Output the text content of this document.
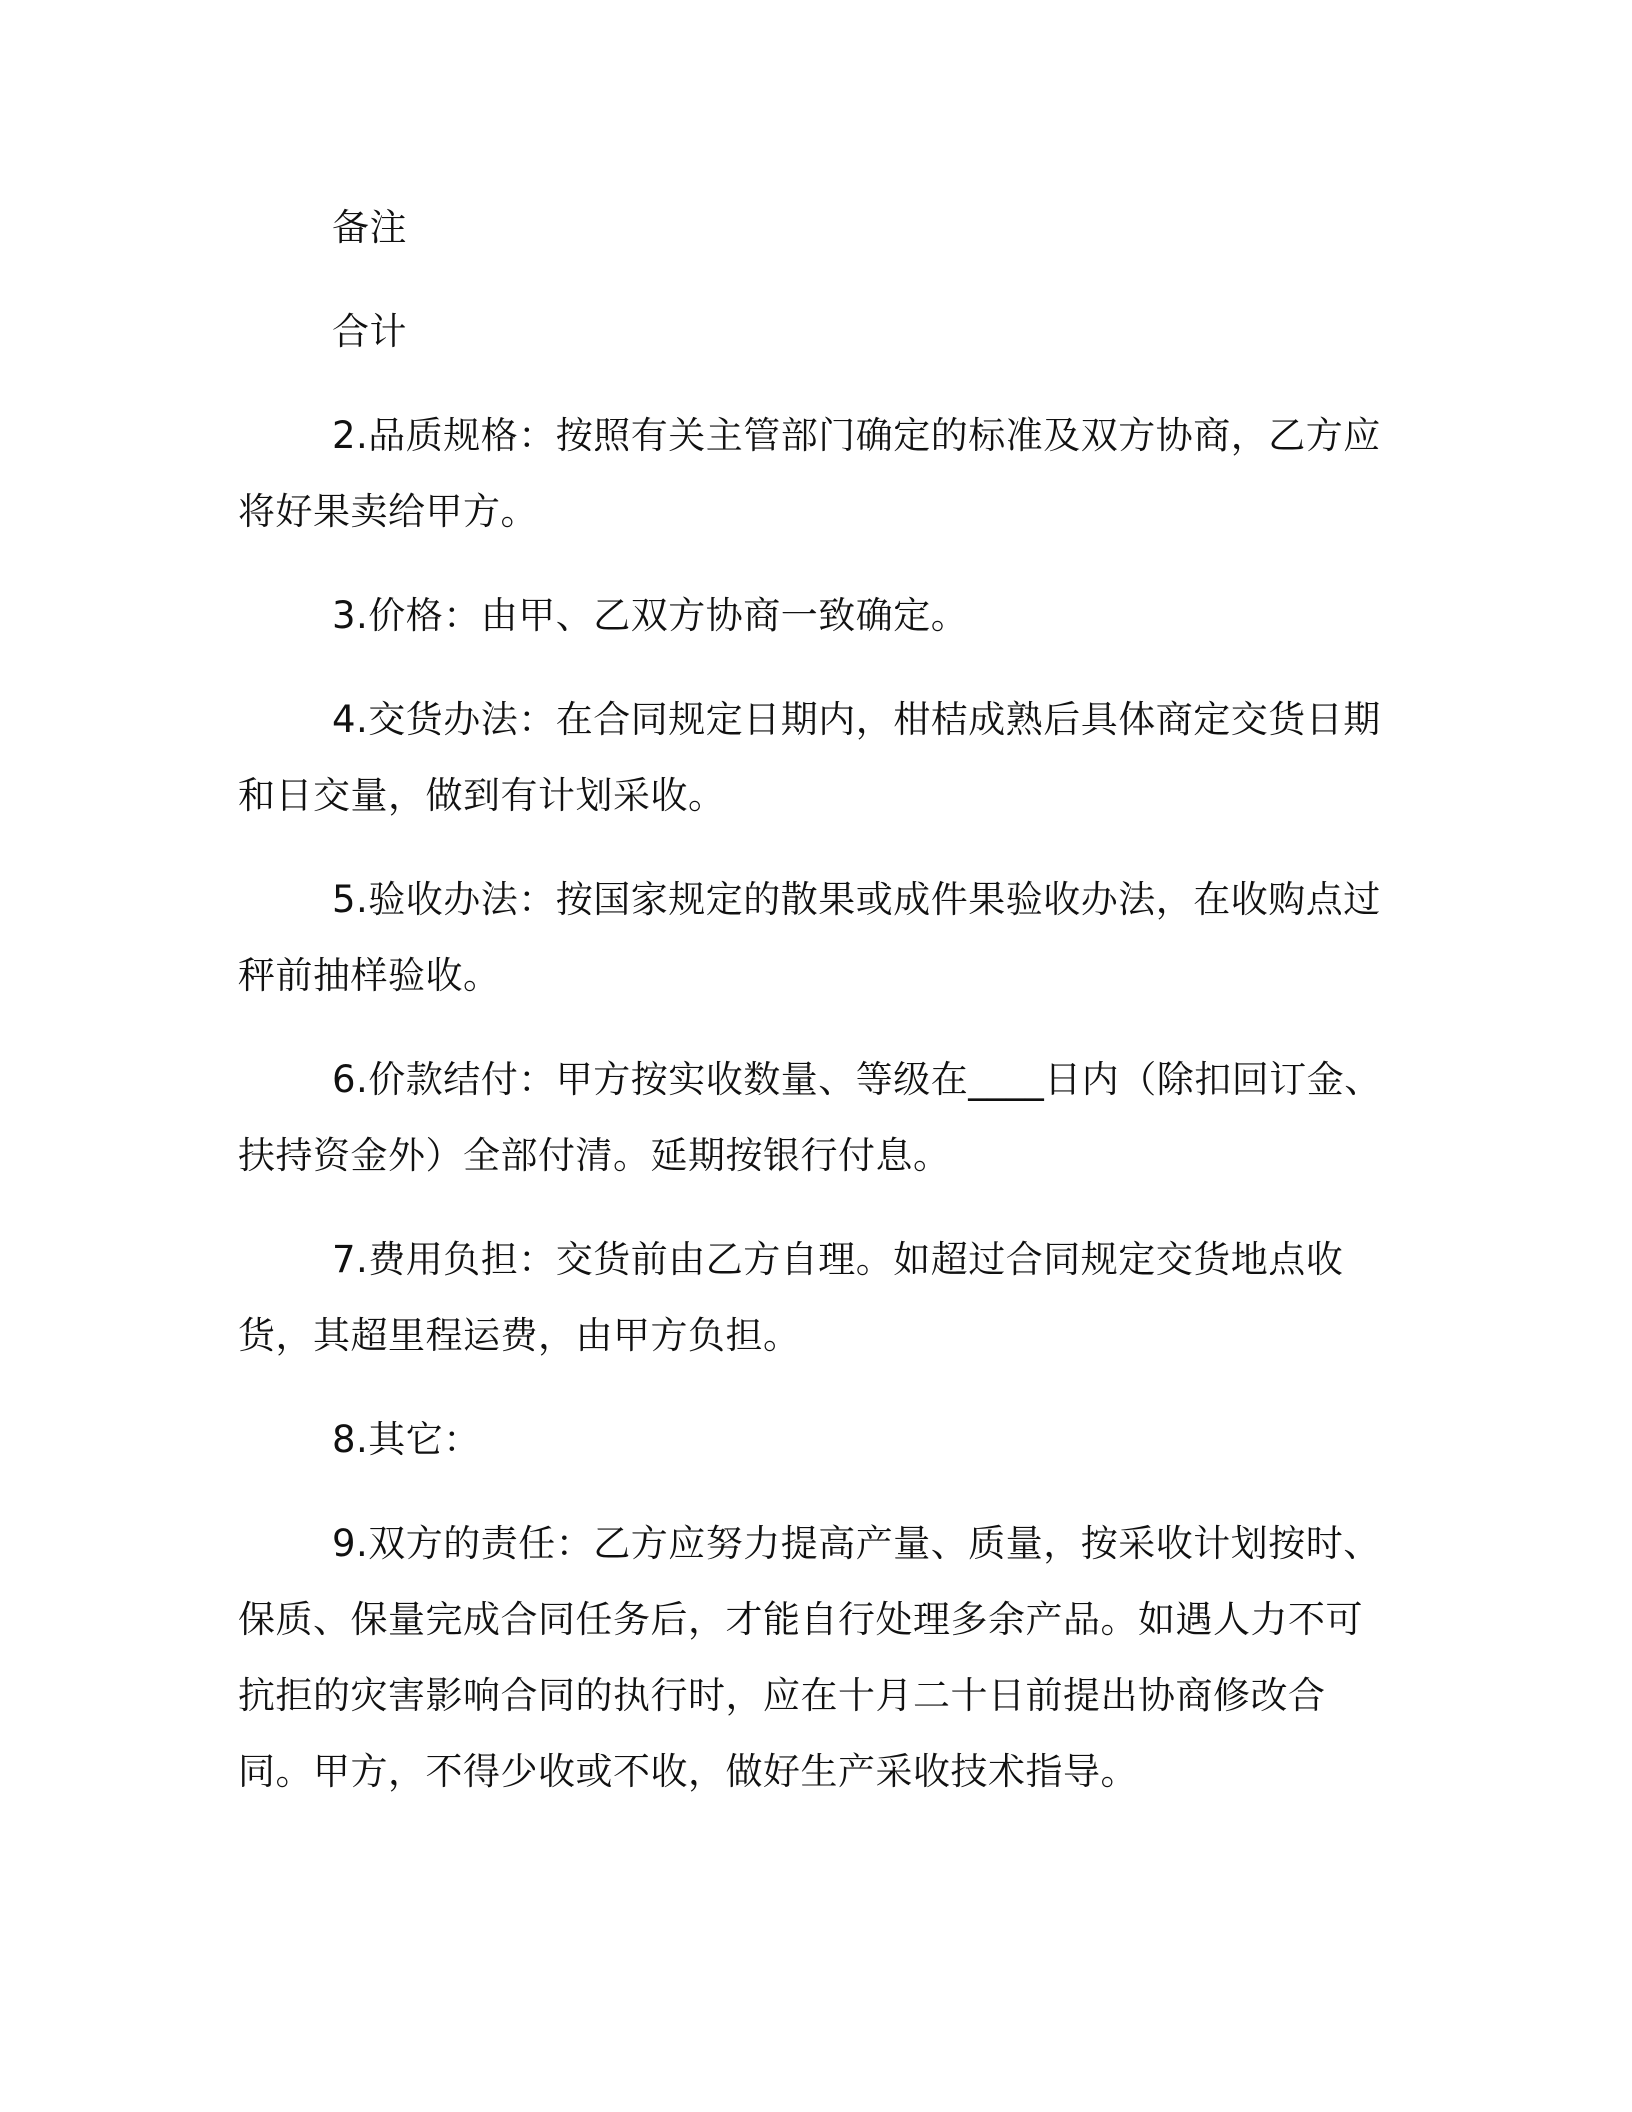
备注

合计

2.品质规格：按照有关主管部门确定的标准及双方协商，乙方应将好果卖给甲方。

3.价格：由甲、乙双方协商一致确定。

4.交货办法：在合同规定日期内，柑桔成熟后具体商定交货日期和日交量，做到有计划采收。

5.验收办法：按国家规定的散果或成件果验收办法，在收购点过秤前抽样验收。

6.价款结付：甲方按实收数量、等级在____日内（除扣回订金、扶持资金外）全部付清。延期按银行付息。

7.费用负担：交货前由乙方自理。如超过合同规定交货地点收货，其超里程运费，由甲方负担。

8.其它：

9.双方的责任：乙方应努力提高产量、质量，按采收计划按时、保质、保量完成合同任务后，才能自行处理多余产品。如遇人力不可抗拒的灾害影响合同的执行时，应在十月二十日前提出协商修改合同。甲方，不得少收或不收，做好生产采收技术指导。
